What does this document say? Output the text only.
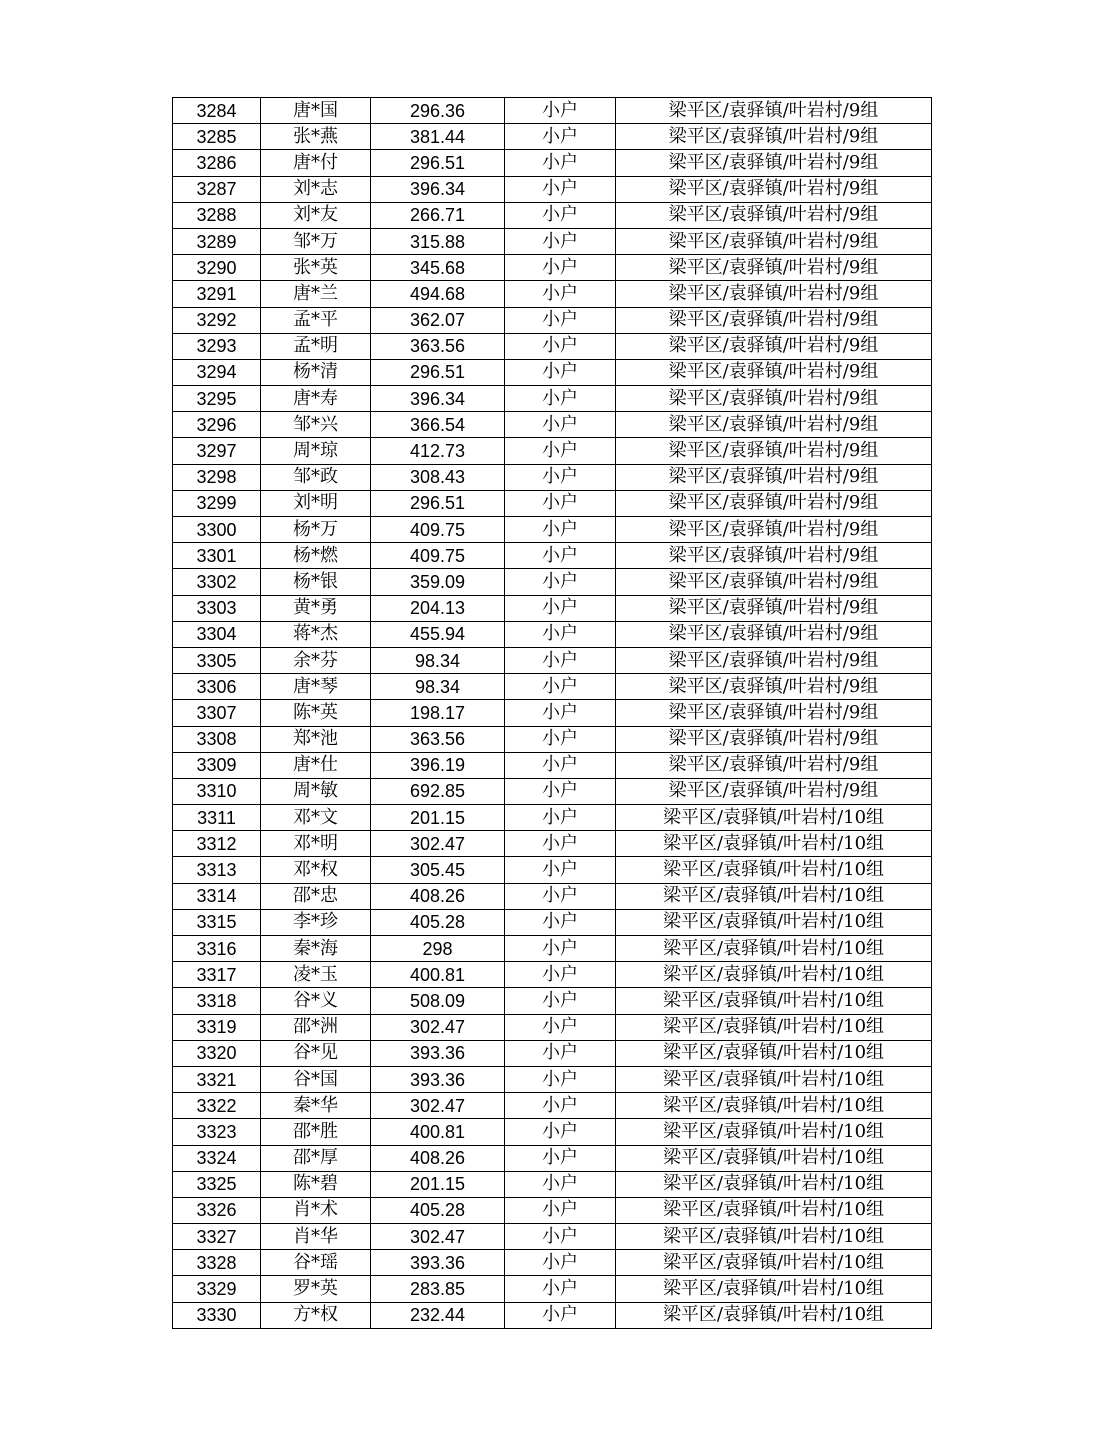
3284	唐*国	296.36	小户	梁平区/袁驿镇/叶岩村/9组
3285	张*燕	381.44	小户	梁平区/袁驿镇/叶岩村/9组
3286	唐*付	296.51	小户	梁平区/袁驿镇/叶岩村/9组
3287	刘*志	396.34	小户	梁平区/袁驿镇/叶岩村/9组
3288	刘*友	266.71	小户	梁平区/袁驿镇/叶岩村/9组
3289	邹*万	315.88	小户	梁平区/袁驿镇/叶岩村/9组
3290	张*英	345.68	小户	梁平区/袁驿镇/叶岩村/9组
3291	唐*兰	494.68	小户	梁平区/袁驿镇/叶岩村/9组
3292	孟*平	362.07	小户	梁平区/袁驿镇/叶岩村/9组
3293	孟*明	363.56	小户	梁平区/袁驿镇/叶岩村/9组
3294	杨*清	296.51	小户	梁平区/袁驿镇/叶岩村/9组
3295	唐*寿	396.34	小户	梁平区/袁驿镇/叶岩村/9组
3296	邹*兴	366.54	小户	梁平区/袁驿镇/叶岩村/9组
3297	周*琼	412.73	小户	梁平区/袁驿镇/叶岩村/9组
3298	邹*政	308.43	小户	梁平区/袁驿镇/叶岩村/9组
3299	刘*明	296.51	小户	梁平区/袁驿镇/叶岩村/9组
3300	杨*万	409.75	小户	梁平区/袁驿镇/叶岩村/9组
3301	杨*燃	409.75	小户	梁平区/袁驿镇/叶岩村/9组
3302	杨*银	359.09	小户	梁平区/袁驿镇/叶岩村/9组
3303	黄*勇	204.13	小户	梁平区/袁驿镇/叶岩村/9组
3304	蒋*杰	455.94	小户	梁平区/袁驿镇/叶岩村/9组
3305	余*芬	98.34	小户	梁平区/袁驿镇/叶岩村/9组
3306	唐*琴	98.34	小户	梁平区/袁驿镇/叶岩村/9组
3307	陈*英	198.17	小户	梁平区/袁驿镇/叶岩村/9组
3308	郑*池	363.56	小户	梁平区/袁驿镇/叶岩村/9组
3309	唐*仕	396.19	小户	梁平区/袁驿镇/叶岩村/9组
3310	周*敏	692.85	小户	梁平区/袁驿镇/叶岩村/9组
3311	邓*文	201.15	小户	梁平区/袁驿镇/叶岩村/10组
3312	邓*明	302.47	小户	梁平区/袁驿镇/叶岩村/10组
3313	邓*权	305.45	小户	梁平区/袁驿镇/叶岩村/10组
3314	邵*忠	408.26	小户	梁平区/袁驿镇/叶岩村/10组
3315	李*珍	405.28	小户	梁平区/袁驿镇/叶岩村/10组
3316	秦*海	298	小户	梁平区/袁驿镇/叶岩村/10组
3317	凌*玉	400.81	小户	梁平区/袁驿镇/叶岩村/10组
3318	谷*义	508.09	小户	梁平区/袁驿镇/叶岩村/10组
3319	邵*洲	302.47	小户	梁平区/袁驿镇/叶岩村/10组
3320	谷*见	393.36	小户	梁平区/袁驿镇/叶岩村/10组
3321	谷*国	393.36	小户	梁平区/袁驿镇/叶岩村/10组
3322	秦*华	302.47	小户	梁平区/袁驿镇/叶岩村/10组
3323	邵*胜	400.81	小户	梁平区/袁驿镇/叶岩村/10组
3324	邵*厚	408.26	小户	梁平区/袁驿镇/叶岩村/10组
3325	陈*碧	201.15	小户	梁平区/袁驿镇/叶岩村/10组
3326	肖*术	405.28	小户	梁平区/袁驿镇/叶岩村/10组
3327	肖*华	302.47	小户	梁平区/袁驿镇/叶岩村/10组
3328	谷*瑶	393.36	小户	梁平区/袁驿镇/叶岩村/10组
3329	罗*英	283.85	小户	梁平区/袁驿镇/叶岩村/10组
3330	方*权	232.44	小户	梁平区/袁驿镇/叶岩村/10组
